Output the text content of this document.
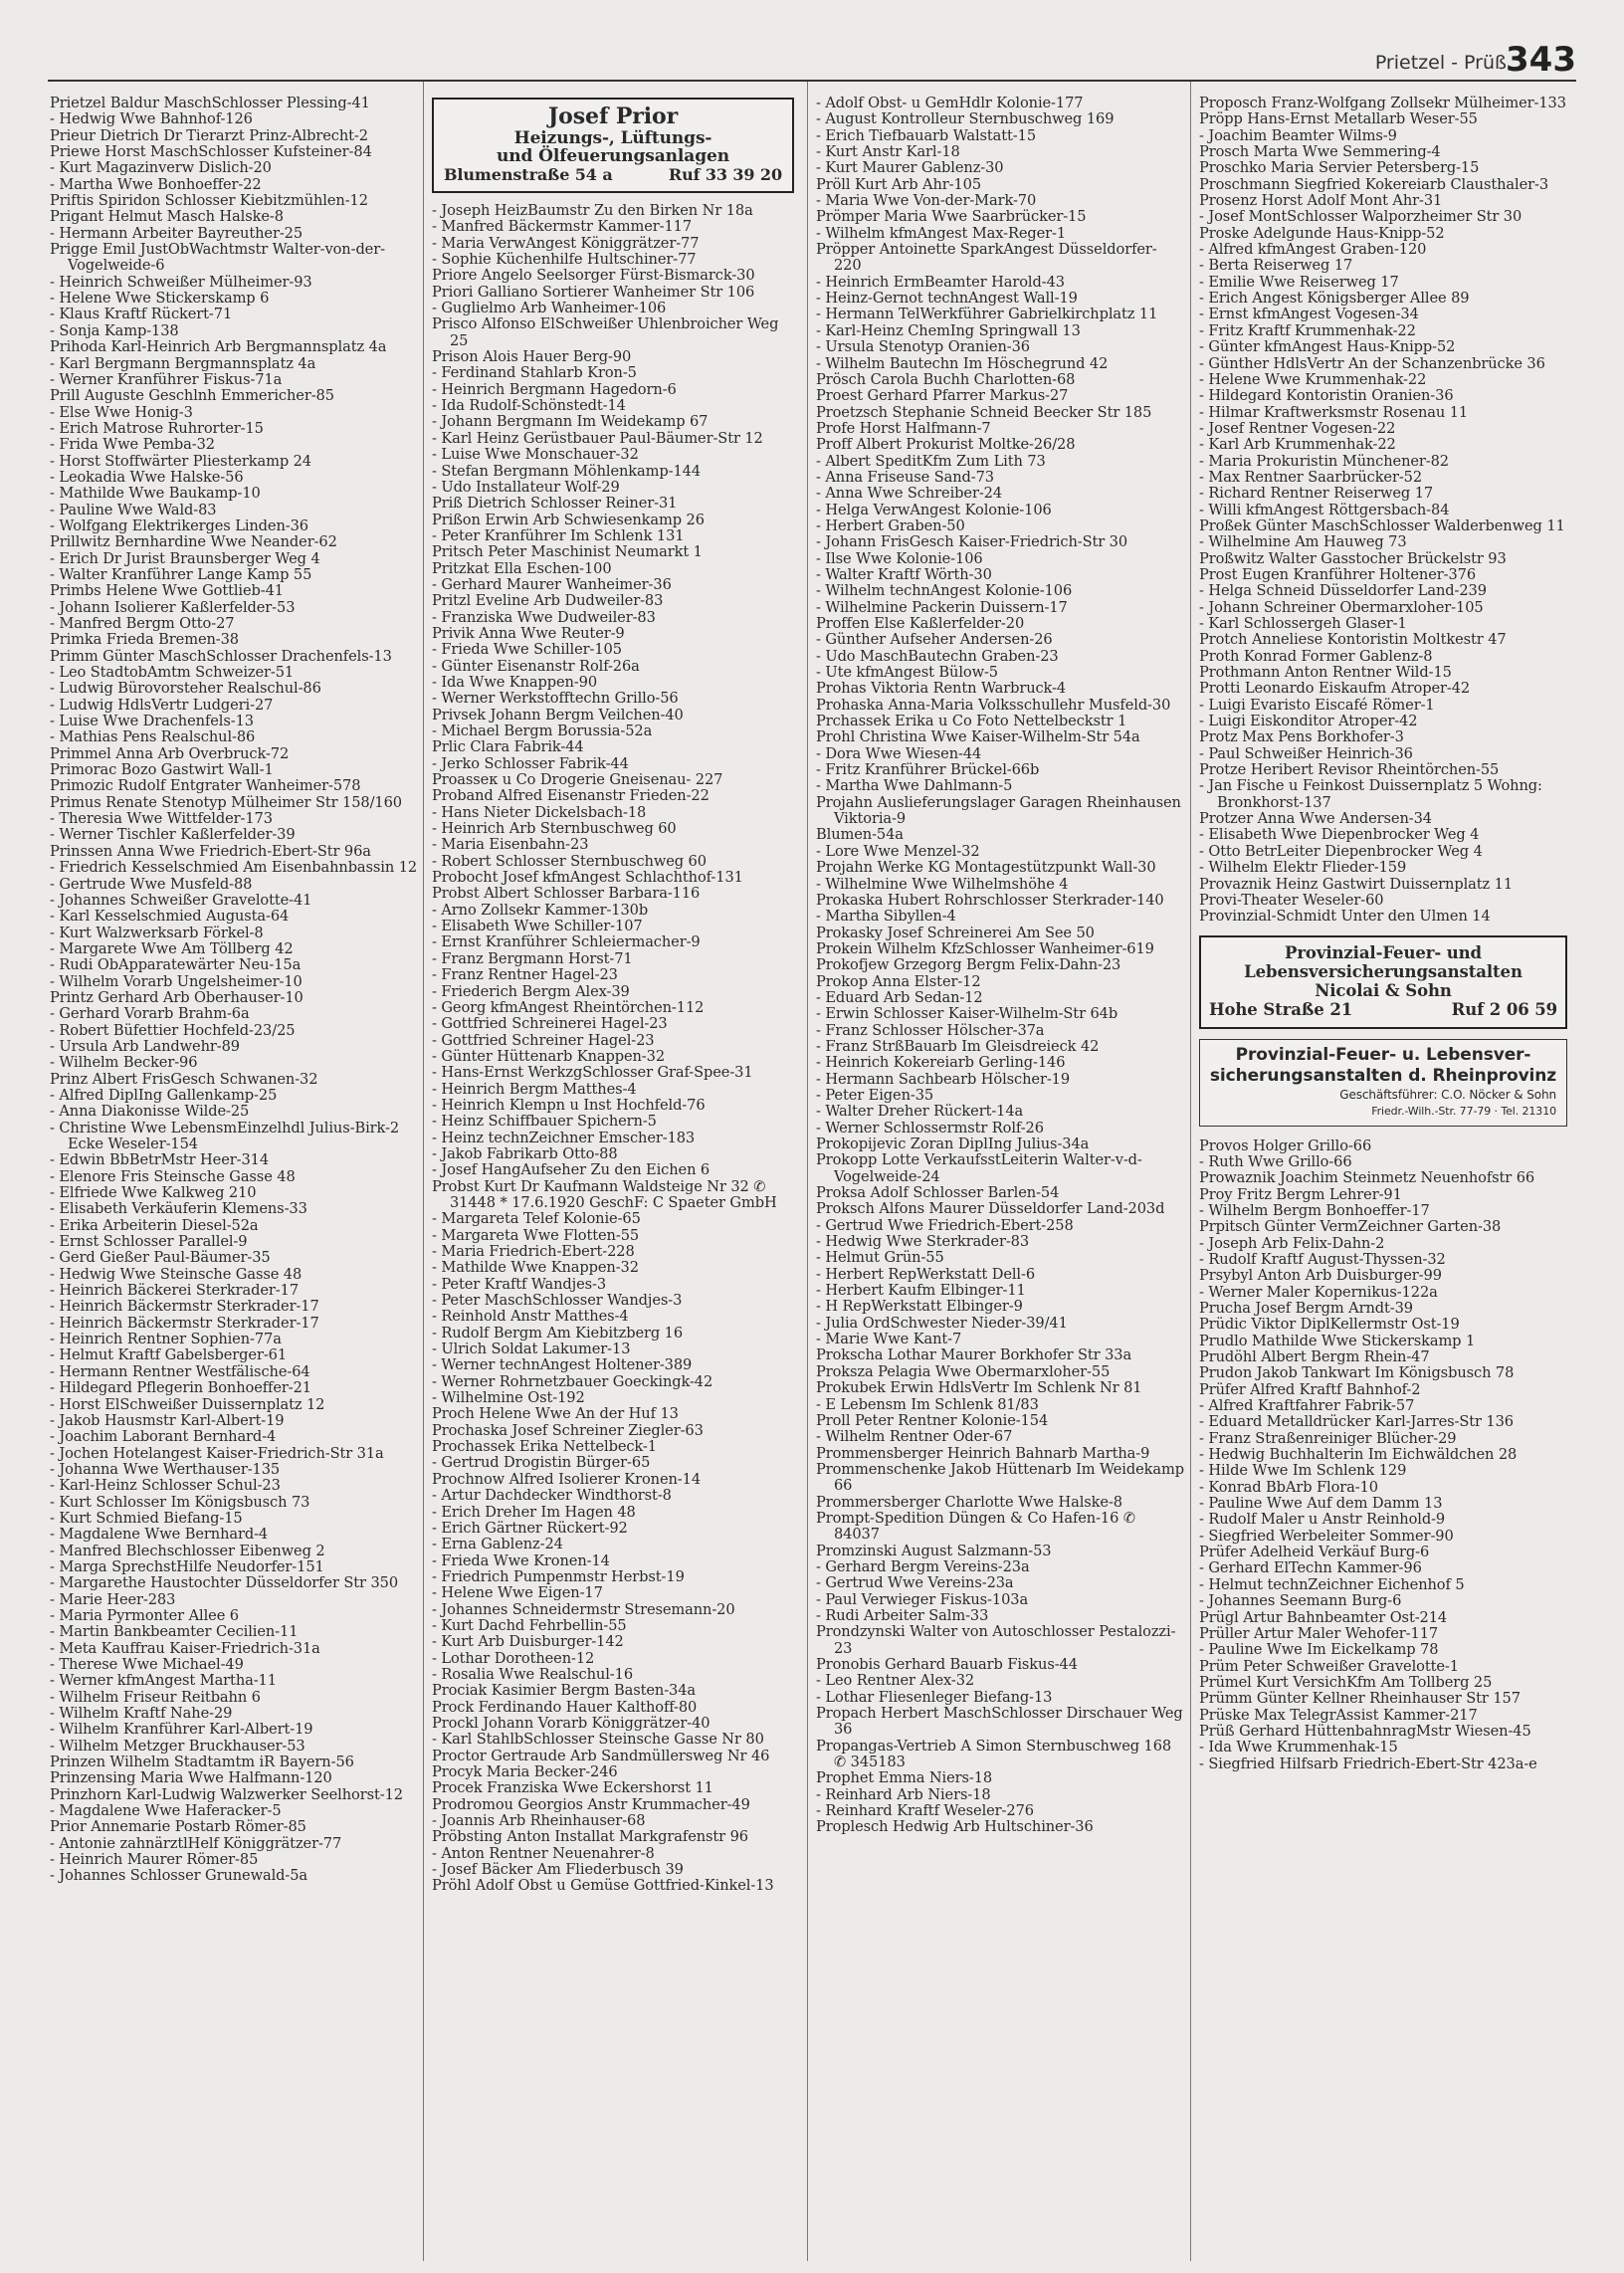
Prietzel - Prüß 343

Prietzel Baldur MaschSchlosser Plessing-41

- Hedwig Wwe Bahnhof-126

Prieur Dietrich Dr Tierarzt Prinz-Albrecht-2

Priewe Horst MaschSchlosser Kufsteiner-84

- Kurt Magazinverw Dislich-20

- Martha Wwe Bonhoeffer-22

Priftis Spiridon Schlosser Kiebitzmühlen-12

Prigant Helmut Masch Halske-8

- Hermann Arbeiter Bayreuther-25

Prigge Emil JustObWachtmstr Walter-von-der-Vogelweide-6

- Heinrich Schweißer Mülheimer-93

- Helene Wwe Stickerskamp 6

- Klaus Kraftf Rückert-71

- Sonja Kamp-138

Prihoda Karl-Heinrich Arb Bergmannsplatz 4a

- Karl Bergmann Bergmannsplatz 4a

- Werner Kranführer Fiskus-71a

Prill Auguste Geschlnh Emmericher-85

- Else Wwe Honig-3

- Erich Matrose Ruhrorter-15

- Frida Wwe Pemba-32

- Horst Stoffwärter Pliesterkamp 24

- Leokadia Wwe Halske-56

- Mathilde Wwe Baukamp-10

- Pauline Wwe Wald-83

- Wolfgang Elektrikerges Linden-36

Prillwitz Bernhardine Wwe Neander-62

- Erich Dr Jurist Braunsberger Weg 4

- Walter Kranführer Lange Kamp 55

Primbs Helene Wwe Gottlieb-41

- Johann Isolierer Kaßlerfelder-53

- Manfred Bergm Otto-27

Primka Frieda Bremen-38

Primm Günter MaschSchlosser Drachenfels-13

- Leo StadtobAmtm Schweizer-51

- Ludwig Bürovorsteher Realschul-86

- Ludwig HdlsVertr Ludgeri-27

- Luise Wwe Drachenfels-13

- Mathias Pens Realschul-86

Primmel Anna Arb Overbruck-72

Primorac Bozo Gastwirt Wall-1

Primozic Rudolf Entgrater Wanheimer-578

Primus Renate Stenotyp Mülheimer Str 158/160

- Theresia Wwe Wittfelder-173

- Werner Tischler Kaßlerfelder-39

Prinssen Anna Wwe Friedrich-Ebert-Str 96a

- Friedrich Kesselschmied Am Eisenbahnbassin 12

- Gertrude Wwe Musfeld-88

- Johannes Schweißer Gravelotte-41

- Karl Kesselschmied Augusta-64

- Kurt Walzwerksarb Förkel-8

- Margarete Wwe Am Töllberg 42

- Rudi ObApparatewärter Neu-15a

- Wilhelm Vorarb Ungelsheimer-10

Printz Gerhard Arb Oberhauser-10

- Gerhard Vorarb Brahm-6a

- Robert Büfettier Hochfeld-23/25

- Ursula Arb Landwehr-89

- Wilhelm Becker-96

Prinz Albert FrisGesch Schwanen-32

- Alfred DiplIng Gallenkamp-25

- Anna Diakonisse Wilde-25

- Christine Wwe LebensmEinzelhdl Julius-Birk-2 Ecke Weseler-154

- Edwin BbBetrMstr Heer-314

- Elenore Fris Steinsche Gasse 48

- Elfriede Wwe Kalkweg 210

- Elisabeth Verkäuferin Klemens-33

- Erika Arbeiterin Diesel-52a

- Ernst Schlosser Parallel-9

- Gerd Gießer Paul-Bäumer-35

- Hedwig Wwe Steinsche Gasse 48

- Heinrich Bäckerei Sterkrader-17

- Heinrich Bäckermstr Sterkrader-17

- Heinrich Bäckermstr Sterkrader-17

- Heinrich Rentner Sophien-77a

- Helmut Kraftf Gabelsberger-61

- Hermann Rentner Westfälische-64

- Hildegard Pflegerin Bonhoeffer-21

- Horst ElSchweißer Duissernplatz 12

- Jakob Hausmstr Karl-Albert-19

- Joachim Laborant Bernhard-4

- Jochen Hotelangest Kaiser-Friedrich-Str 31a

- Johanna Wwe Werthauser-135

- Karl-Heinz Schlosser Schul-23

- Kurt Schlosser Im Königsbusch 73

- Kurt Schmied Biefang-15

- Magdalene Wwe Bernhard-4

- Manfred Blechschlosser Eibenweg 2

- Marga SprechstHilfe Neudorfer-151

- Margarethe Haustochter Düsseldorfer Str 350

- Marie Heer-283

- Maria Pyrmonter Allee 6

- Martin Bankbeamter Cecilien-11

- Meta Kauffrau Kaiser-Friedrich-31a

- Therese Wwe Michael-49

- Werner kfmAngest Martha-11

- Wilhelm Friseur Reitbahn 6

- Wilhelm Kraftf Nahe-29

- Wilhelm Kranführer Karl-Albert-19

- Wilhelm Metzger Bruckhauser-53

Prinzen Wilhelm Stadtamtm iR Bayern-56

Prinzensing Maria Wwe Halfmann-120

Prinzhorn Karl-Ludwig Walzwerker Seelhorst-12

- Magdalene Wwe Haferacker-5

Prior Annemarie Postarb Römer-85

- Antonie zahnärztlHelf Königgrätzer-77

- Heinrich Maurer Römer-85

- Johannes Schlosser Grunewald-5a

Josef Prior
Heizungs-, Lüftungs-
und Ölfeuerungsanlagen
Blumenstraße 54 a	Ruf 33 39 20

- Joseph HeizBaumstr Zu den Birken Nr 18a

- Manfred Bäckermstr Kammer-117

- Maria VerwAngest Königgrätzer-77

- Sophie Küchenhilfe Hultschiner-77

Priore Angelo Seelsorger Fürst-Bismarck-30

Priori Galliano Sortierer Wanheimer Str 106

- Guglielmo Arb Wanheimer-106

Prisco Alfonso ElSchweißer Uhlenbroicher Weg 25

Prison Alois Hauer Berg-90

- Ferdinand Stahlarb Kron-5

- Heinrich Bergmann Hagedorn-6

- Ida Rudolf-Schönstedt-14

- Johann Bergmann Im Weidekamp 67

- Karl Heinz Gerüstbauer Paul-Bäumer-Str 12

- Luise Wwe Monschauer-32

- Stefan Bergmann Möhlenkamp-144

- Udo Installateur Wolf-29

Priß Dietrich Schlosser Reiner-31

Prißon Erwin Arb Schwiesenkamp 26

- Peter Kranführer Im Schlenk 131

Pritsch Peter Maschinist Neumarkt 1

Pritzkat Ella Eschen-100

- Gerhard Maurer Wanheimer-36

Pritzl Eveline Arb Dudweiler-83

- Franziska Wwe Dudweiler-83

Privik Anna Wwe Reuter-9

- Frieda Wwe Schiller-105

- Günter Eisenanstr Rolf-26a

- Ida Wwe Knappen-90

- Werner Werkstofftechn Grillo-56

Privsek Johann Bergm Veilchen-40

- Michael Bergm Borussia-52a

Prlic Clara Fabrik-44

- Jerko Schlosser Fabrik-44

Proasseк u Co Drogerie Gneisenau- 227

Proband Alfred Eisenanstr Frieden-22

- Hans Nieter Dickelsbach-18

- Heinrich Arb Sternbuschweg 60

- Maria Eisenbahn-23

- Robert Schlosser Sternbuschweg 60

Probocht Josef kfmAngest Schlachthof-131

Probst Albert Schlosser Barbara-116

- Arno Zollsekr Kammer-130b

- Elisabeth Wwe Schiller-107

- Ernst Kranführer Schleiermacher-9

- Franz Bergmann Horst-71

- Franz Rentner Hagel-23

- Friederich Bergm Alex-39

- Georg kfmAngest Rheintörchen-112

- Gottfried Schreinerei Hagel-23

- Gottfried Schreiner Hagel-23

- Günter Hüttenarb Knappen-32

- Hans-Ernst WerkzgSchlosser Graf-Spee-31

- Heinrich Bergm Matthes-4

- Heinrich Klempn u Inst Hochfeld-76

- Heinz Schiffbauer Spichern-5

- Heinz technZeichner Emscher-183

- Jakob Fabrikarb Otto-88

- Josef HangAufseher Zu den Eichen 6

Probst Kurt Dr Kaufmann Waldsteige Nr 32 ✆ 31448 * 17.6.1920 GeschF: C Spaeter GmbH

- Margareta Telef Kolonie-65

- Margareta Wwe Flotten-55

- Maria Friedrich-Ebert-228

- Mathilde Wwe Knappen-32

- Peter Kraftf Wandjes-3

- Peter MaschSchlosser Wandjes-3

- Reinhold Anstr Matthes-4

- Rudolf Bergm Am Kiebitzberg 16

- Ulrich Soldat Lakumer-13

- Werner technAngest Holtener-389

- Werner Rohrnetzbauer Goeckingk-42

- Wilhelmine Ost-192

Proch Helene Wwe An der Huf 13

Prochaska Josef Schreiner Ziegler-63

Prochassek Erika Nettelbeck-1

- Gertrud Drogistin Bürger-65

Prochnow Alfred Isolierer Kronen-14

- Artur Dachdecker Windthorst-8

- Erich Dreher Im Hagen 48

- Erich Gärtner Rückert-92

- Erna Gablenz-24

- Frieda Wwe Kronen-14

- Friedrich Pumpenmstr Herbst-19

- Helene Wwe Eigen-17

- Johannes Schneidermstr Stresemann-20

- Kurt Dachd Fehrbellin-55

- Kurt Arb Duisburger-142

- Lothar Dorotheen-12

- Rosalia Wwe Realschul-16

Prociak Kasimier Bergm Basten-34a

Prock Ferdinando Hauer Kalthoff-80

Prockl Johann Vorarb Königgrätzer-40

- Karl StahlbSchlosser Steinsche Gasse Nr 80

Proctor Gertraude Arb Sandmüllersweg Nr 46

Procyk Maria Becker-246

Procek Franziska Wwe Eckershorst 11

Prodromou Georgios Anstr Krummacher-49

- Joannis Arb Rheinhauser-68

Pröbsting Anton Installat Markgrafenstr 96

- Anton Rentner Neuenahrer-8

- Josef Bäcker Am Fliederbusch 39

Pröhl Adolf Obst u Gemüse Gottfried-Kinkel-13

- Adolf Obst- u GemHdlr Kolonie-177

- August Kontrolleur Sternbuschweg 169

- Erich Tiefbauarb Walstatt-15

- Kurt Anstr Karl-18

- Kurt Maurer Gablenz-30

Pröll Kurt Arb Ahr-105

- Maria Wwe Von-der-Mark-70

Prömper Maria Wwe Saarbrücker-15

- Wilhelm kfmAngest Max-Reger-1

Pröpper Antoinette SparkAngest Düsseldorfer-220

- Heinrich ErmBeamter Harold-43

- Heinz-Gernot technAngest Wall-19

- Hermann TelWerkführer Gabrielkirchplatz 11

- Karl-Heinz ChemIng Springwall 13

- Ursula Stenotyp Oranien-36

- Wilhelm Bautechn Im Höschegrund 42

Prösch Carola Buchh Charlotten-68

Proest Gerhard Pfarrer Markus-27

Proetzsch Stephanie Schneid Beecker Str 185

Profe Horst Halfmann-7

Proff Albert Prokurist Moltke-26/28

- Albert SpeditKfm Zum Lith 73

- Anna Friseuse Sand-73

- Anna Wwe Schreiber-24

- Helga VerwAngest Kolonie-106

- Herbert Graben-50

- Johann FrisGesch Kaiser-Friedrich-Str 30

- Ilse Wwe Kolonie-106

- Walter Kraftf Wörth-30

- Wilhelm technAngest Kolonie-106

- Wilhelmine Packerin Duissern-17

Proffen Else Kaßlerfelder-20

- Günther Aufseher Andersen-26

- Udo MaschBautechn Graben-23

- Ute kfmAngest Bülow-5

Prohas Viktoria Rentn Warbruck-4

Prohaska Anna-Maria Volksschullehr Musfeld-30

Prchassek Erika u Co Foto Nettelbeckstr 1

Prohl Christina Wwe Kaiser-Wilhelm-Str 54a

- Dora Wwe Wiesen-44

- Fritz Kranführer Brückel-66b

- Martha Wwe Dahlmann-5

Projahn Auslieferungslager Garagen Rheinhausen Viktoria-9

Blumen-54a

- Lore Wwe Menzel-32

Projahn Werke KG Montagestützpunkt Wall-30

- Wilhelmine Wwe Wilhelmshöhe 4

Prokaska Hubert Rohrschlosser Sterkrader-140

- Martha Sibyllen-4

Prokasky Josef Schreinerei Am See 50

Prokein Wilhelm KfzSchlosser Wanheimer-619

Prokofjew Grzegorg Bergm Felix-Dahn-23

Prokop Anna Elster-12

- Eduard Arb Sedan-12

- Erwin Schlosser Kaiser-Wilhelm-Str 64b

- Franz Schlosser Hölscher-37a

- Franz StrßBauarb Im Gleisdreieck 42

- Heinrich Kokereiarb Gerling-146

- Hermann Sachbearb Hölscher-19

- Peter Eigen-35

- Walter Dreher Rückert-14a

- Werner Schlossermstr Rolf-26

Prokopijevic Zoran DiplIng Julius-34a

Prokopp Lotte VerkaufsstLeiterin Walter-v-d-Vogelweide-24

Proksa Adolf Schlosser Barlen-54

Proksch Alfons Maurer Düsseldorfer Land-203d

- Gertrud Wwe Friedrich-Ebert-258

- Hedwig Wwe Sterkrader-83

- Helmut Grün-55

- Herbert RepWerkstatt Dell-6

- Herbert Kaufm Elbinger-11

- H RepWerkstatt Elbinger-9

- Julia OrdSchwester Nieder-39/41

- Marie Wwe Kant-7

Prokscha Lothar Maurer Borkhofer Str 33a

Proksza Pelagia Wwe Obermarxloher-55

Prokubek Erwin HdlsVertr Im Schlenk Nr 81

- E Lebensm Im Schlenk 81/83

Proll Peter Rentner Kolonie-154

- Wilhelm Rentner Oder-67

Prommensberger Heinrich Bahnarb Martha-9

Prommenschenke Jakob Hüttenarb Im Weidekamp 66

Prommersberger Charlotte Wwe Halske-8

Prompt-Spedition Düngen & Co Hafen-16 ✆ 84037

Promzinski August Salzmann-53

- Gerhard Bergm Vereins-23a

- Gertrud Wwe Vereins-23a

- Paul Verwieger Fiskus-103a

- Rudi Arbeiter Salm-33

Prondzynski Walter von Autoschlosser Pestalozzi-23

Pronobis Gerhard Bauarb Fiskus-44

- Leo Rentner Alex-32

- Lothar Fliesenleger Biefang-13

Propach Herbert MaschSchlosser Dirschauer Weg 36

Propangas-Vertrieb A Simon Sternbuschweg 168 ✆ 345183

Prophet Emma Niers-18

- Reinhard Arb Niers-18

- Reinhard Kraftf Weseler-276

Proplesch Hedwig Arb Hultschiner-36

Proposch Franz-Wolfgang Zollsekr Mülheimer-133

Pröpp Hans-Ernst Metallarb Weser-55

- Joachim Beamter Wilms-9

Prosch Marta Wwe Semmering-4

Proschko Maria Servier Petersberg-15

Proschmann Siegfried Kokereiarb Clausthaler-3

Prosenz Horst Adolf Mont Ahr-31

- Josef MontSchlosser Walporzheimer Str 30

Proske Adelgunde Haus-Knipp-52

- Alfred kfmAngest Graben-120

- Berta Reiserweg 17

- Emilie Wwe Reiserweg 17

- Erich Angest Königsberger Allee 89

- Ernst kfmAngest Vogesen-34

- Fritz Kraftf Krummenhak-22

- Günter kfmAngest Haus-Knipp-52

- Günther HdlsVertr An der Schanzenbrücke 36

- Helene Wwe Krummenhak-22

- Hildegard Kontoristin Oranien-36

- Hilmar Kraftwerksmstr Rosenau 11

- Josef Rentner Vogesen-22

- Karl Arb Krummenhak-22

- Maria Prokuristin Münchener-82

- Max Rentner Saarbrücker-52

- Richard Rentner Reiserweg 17

- Willi kfmAngest Röttgersbach-84

Proßek Günter MaschSchlosser Walderbenweg 11

- Wilhelmine Am Hauweg 73

Proßwitz Walter Gasstocher Brückelstr 93

Prost Eugen Kranführer Holtener-376

- Helga Schneid Düsseldorfer Land-239

- Johann Schreiner Obermarxloher-105

- Karl Schlossergeh Glaser-1

Protch Anneliese Kontoristin Moltkestr 47

Proth Konrad Former Gablenz-8

Prothmann Anton Rentner Wild-15

Protti Leonardo Eiskaufm Atroper-42

- Luigi Evaristo Eiscafé Römer-1

- Luigi Eiskonditor Atroper-42

Protz Max Pens Borkhofer-3

- Paul Schweißer Heinrich-36

Protze Heribert Revisor Rheintörchen-55

- Jan Fische u Feinkost Duissernplatz 5 Wohng: Bronkhorst-137

Protzer Anna Wwe Andersen-34

- Elisabeth Wwe Diepenbrocker Weg 4

- Otto BetrLeiter Diepenbrocker Weg 4

- Wilhelm Elektr Flieder-159

Provaznik Heinz Gastwirt Duissernplatz 11

Provi-Theater Weseler-60

Provinzial-Schmidt Unter den Ulmen 14

Provinzial-Feuer- und
Lebensversicherungsanstalten
Nicolai & Sohn
Hohe Straße 21	Ruf 2 06 59
Provinzial-Feuer- u. Lebensver-
sicherungsanstalten d. Rheinprovinz
Geschäftsführer: C.O. Nöcker & Sohn
Friedr.-Wilh.-Str. 77-79 · Tel. 21310

Provos Holger Grillo-66

- Ruth Wwe Grillo-66

Prowaznik Joachim Steinmetz Neuenhofstr 66

Proy Fritz Bergm Lehrer-91

- Wilhelm Bergm Bonhoeffer-17

Prpitsch Günter VermZeichner Garten-38

- Joseph Arb Felix-Dahn-2

- Rudolf Kraftf August-Thyssen-32

Prsybyl Anton Arb Duisburger-99

- Werner Maler Kopernikus-122a

Prucha Josef Bergm Arndt-39

Prüdic Viktor DiplKellermstr Ost-19

Prudlo Mathilde Wwe Stickerskamp 1

Prudöhl Albert Bergm Rhein-47

Prudon Jakob Tankwart Im Königsbusch 78

Prüfer Alfred Kraftf Bahnhof-2

- Alfred Kraftfahrer Fabrik-57

- Eduard Metalldrücker Karl-Jarres-Str 136

- Franz Straßenreiniger Blücher-29

- Hedwig Buchhalterin Im Eichwäldchen 28

- Hilde Wwe Im Schlenk 129

- Konrad BbArb Flora-10

- Pauline Wwe Auf dem Damm 13

- Rudolf Maler u Anstr Reinhold-9

- Siegfried Werbeleiter Sommer-90

Prüfer Adelheid Verkäuf Burg-6

- Gerhard ElTechn Kammer-96

- Helmut technZeichner Eichenhof 5

- Johannes Seemann Burg-6

Prügl Artur Bahnbeamter Ost-214

Prüller Artur Maler Wehofer-117

- Pauline Wwe Im Eickelkamp 78

Prüm Peter Schweißer Gravelotte-1

Prümel Kurt VersichKfm Am Tollberg 25

Prümm Günter Kellner Rheinhauser Str 157

Prüske Max TelegrAssist Kammer-217

Prüß Gerhard HüttenbahnragMstr Wiesen-45

- Ida Wwe Krummenhak-15

- Siegfried Hilfsarb Friedrich-Ebert-Str 423a-e
